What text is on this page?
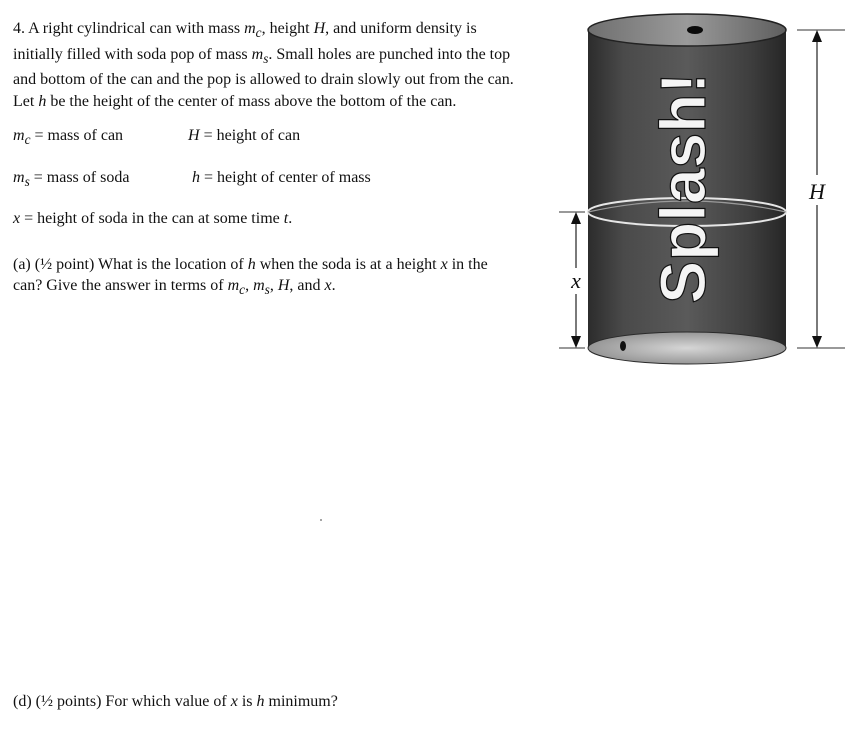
4. A right cylindrical can with mass $m_c$, height H, and uniform density is
initially filled with soda pop of mass $m_s$. Small holes are punched into the top
and bottom of the can and the pop is allowed to drain slowly out from the can.
Let h be the height of the center of mass above the bottom of the can.

$m_c$ = mass of can	H = height of can
$m_s$ = mass of soda	h = height of center of mass
x = height of soda in the can at some time t.

(a) (½ point) What is the location of h when the soda is at a height x in the
can? Give the answer in terms of $m_c$, $m_s$, H, and x.

(d) (½ points) For which value of x is h minimum?

Splash!	H
x
